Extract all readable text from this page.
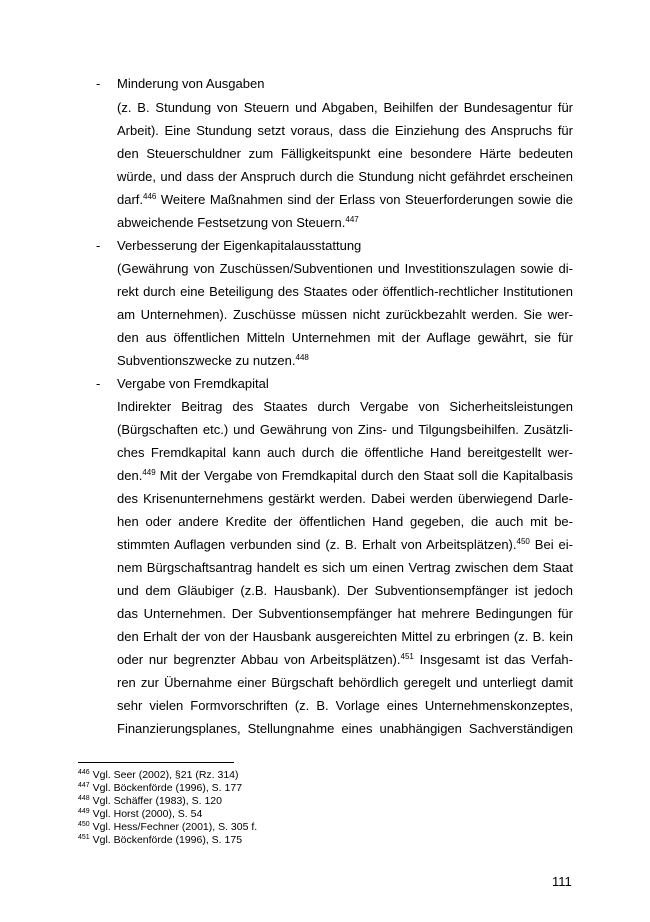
- Minderung von Ausgaben
(z. B. Stundung von Steuern und Abgaben, Beihilfen der Bundesagentur für
Arbeit). Eine Stundung setzt voraus, dass die Einziehung des Anspruchs für
den Steuerschuldner zum Fälligkeitspunkt eine besondere Härte bedeuten
würde, und dass der Anspruch durch die Stundung nicht gefährdet erscheinen
darf.$^{446}$ Weitere Maßnahmen sind der Erlass von Steuerforderungen sowie die
abweichende Festsetzung von Steuern.$^{447}$
- Verbesserung der Eigenkapitalausstattung
(Gewährung von Zuschüssen/Subventionen und Investitionszulagen sowie di-
rekt durch eine Beteiligung des Staates oder öffentlich-rechtlicher Institutionen
am Unternehmen). Zuschüsse müssen nicht zurückbezahlt werden. Sie wer-
den aus öffentlichen Mitteln Unternehmen mit der Auflage gewährt, sie für
Subventionszwecke zu nutzen.$^{448}$
- Vergabe von Fremdkapital
Indirekter Beitrag des Staates durch Vergabe von Sicherheitsleistungen
(Bürgschaften etc.) und Gewährung von Zins- und Tilgungsbeihilfen. Zusätzli-
ches Fremdkapital kann auch durch die öffentliche Hand bereitgestellt wer-
den.$^{449}$ Mit der Vergabe von Fremdkapital durch den Staat soll die Kapitalbasis
des Krisenunternehmens gestärkt werden. Dabei werden überwiegend Darle-
hen oder andere Kredite der öffentlichen Hand gegeben, die auch mit be-
stimmten Auflagen verbunden sind (z. B. Erhalt von Arbeitsplätzen).$^{450}$ Bei ei-
nem Bürgschaftsantrag handelt es sich um einen Vertrag zwischen dem Staat
und dem Gläubiger (z.B. Hausbank). Der Subventionsempfänger ist jedoch
das Unternehmen. Der Subventionsempfänger hat mehrere Bedingungen für
den Erhalt der von der Hausbank ausgereichten Mittel zu erbringen (z. B. kein
oder nur begrenzter Abbau von Arbeitsplätzen).$^{451}$ Insgesamt ist das Verfah-
ren zur Übernahme einer Bürgschaft behördlich geregelt und unterliegt damit
sehr vielen Formvorschriften (z. B. Vorlage eines Unternehmenskonzeptes,
Finanzierungsplanes, Stellungnahme eines unabhängigen Sachverständigen
$^{446}$ Vgl. Seer (2002), §21 (Rz. 314)
$^{447}$ Vgl. Böckenförde (1996), S. 177
$^{448}$ Vgl. Schäffer (1983), S. 120
$^{449}$ Vgl. Horst (2000), S. 54
$^{450}$ Vgl. Hess/Fechner (2001), S. 305 f.
$^{451}$ Vgl. Böckenförde (1996), S. 175
111
